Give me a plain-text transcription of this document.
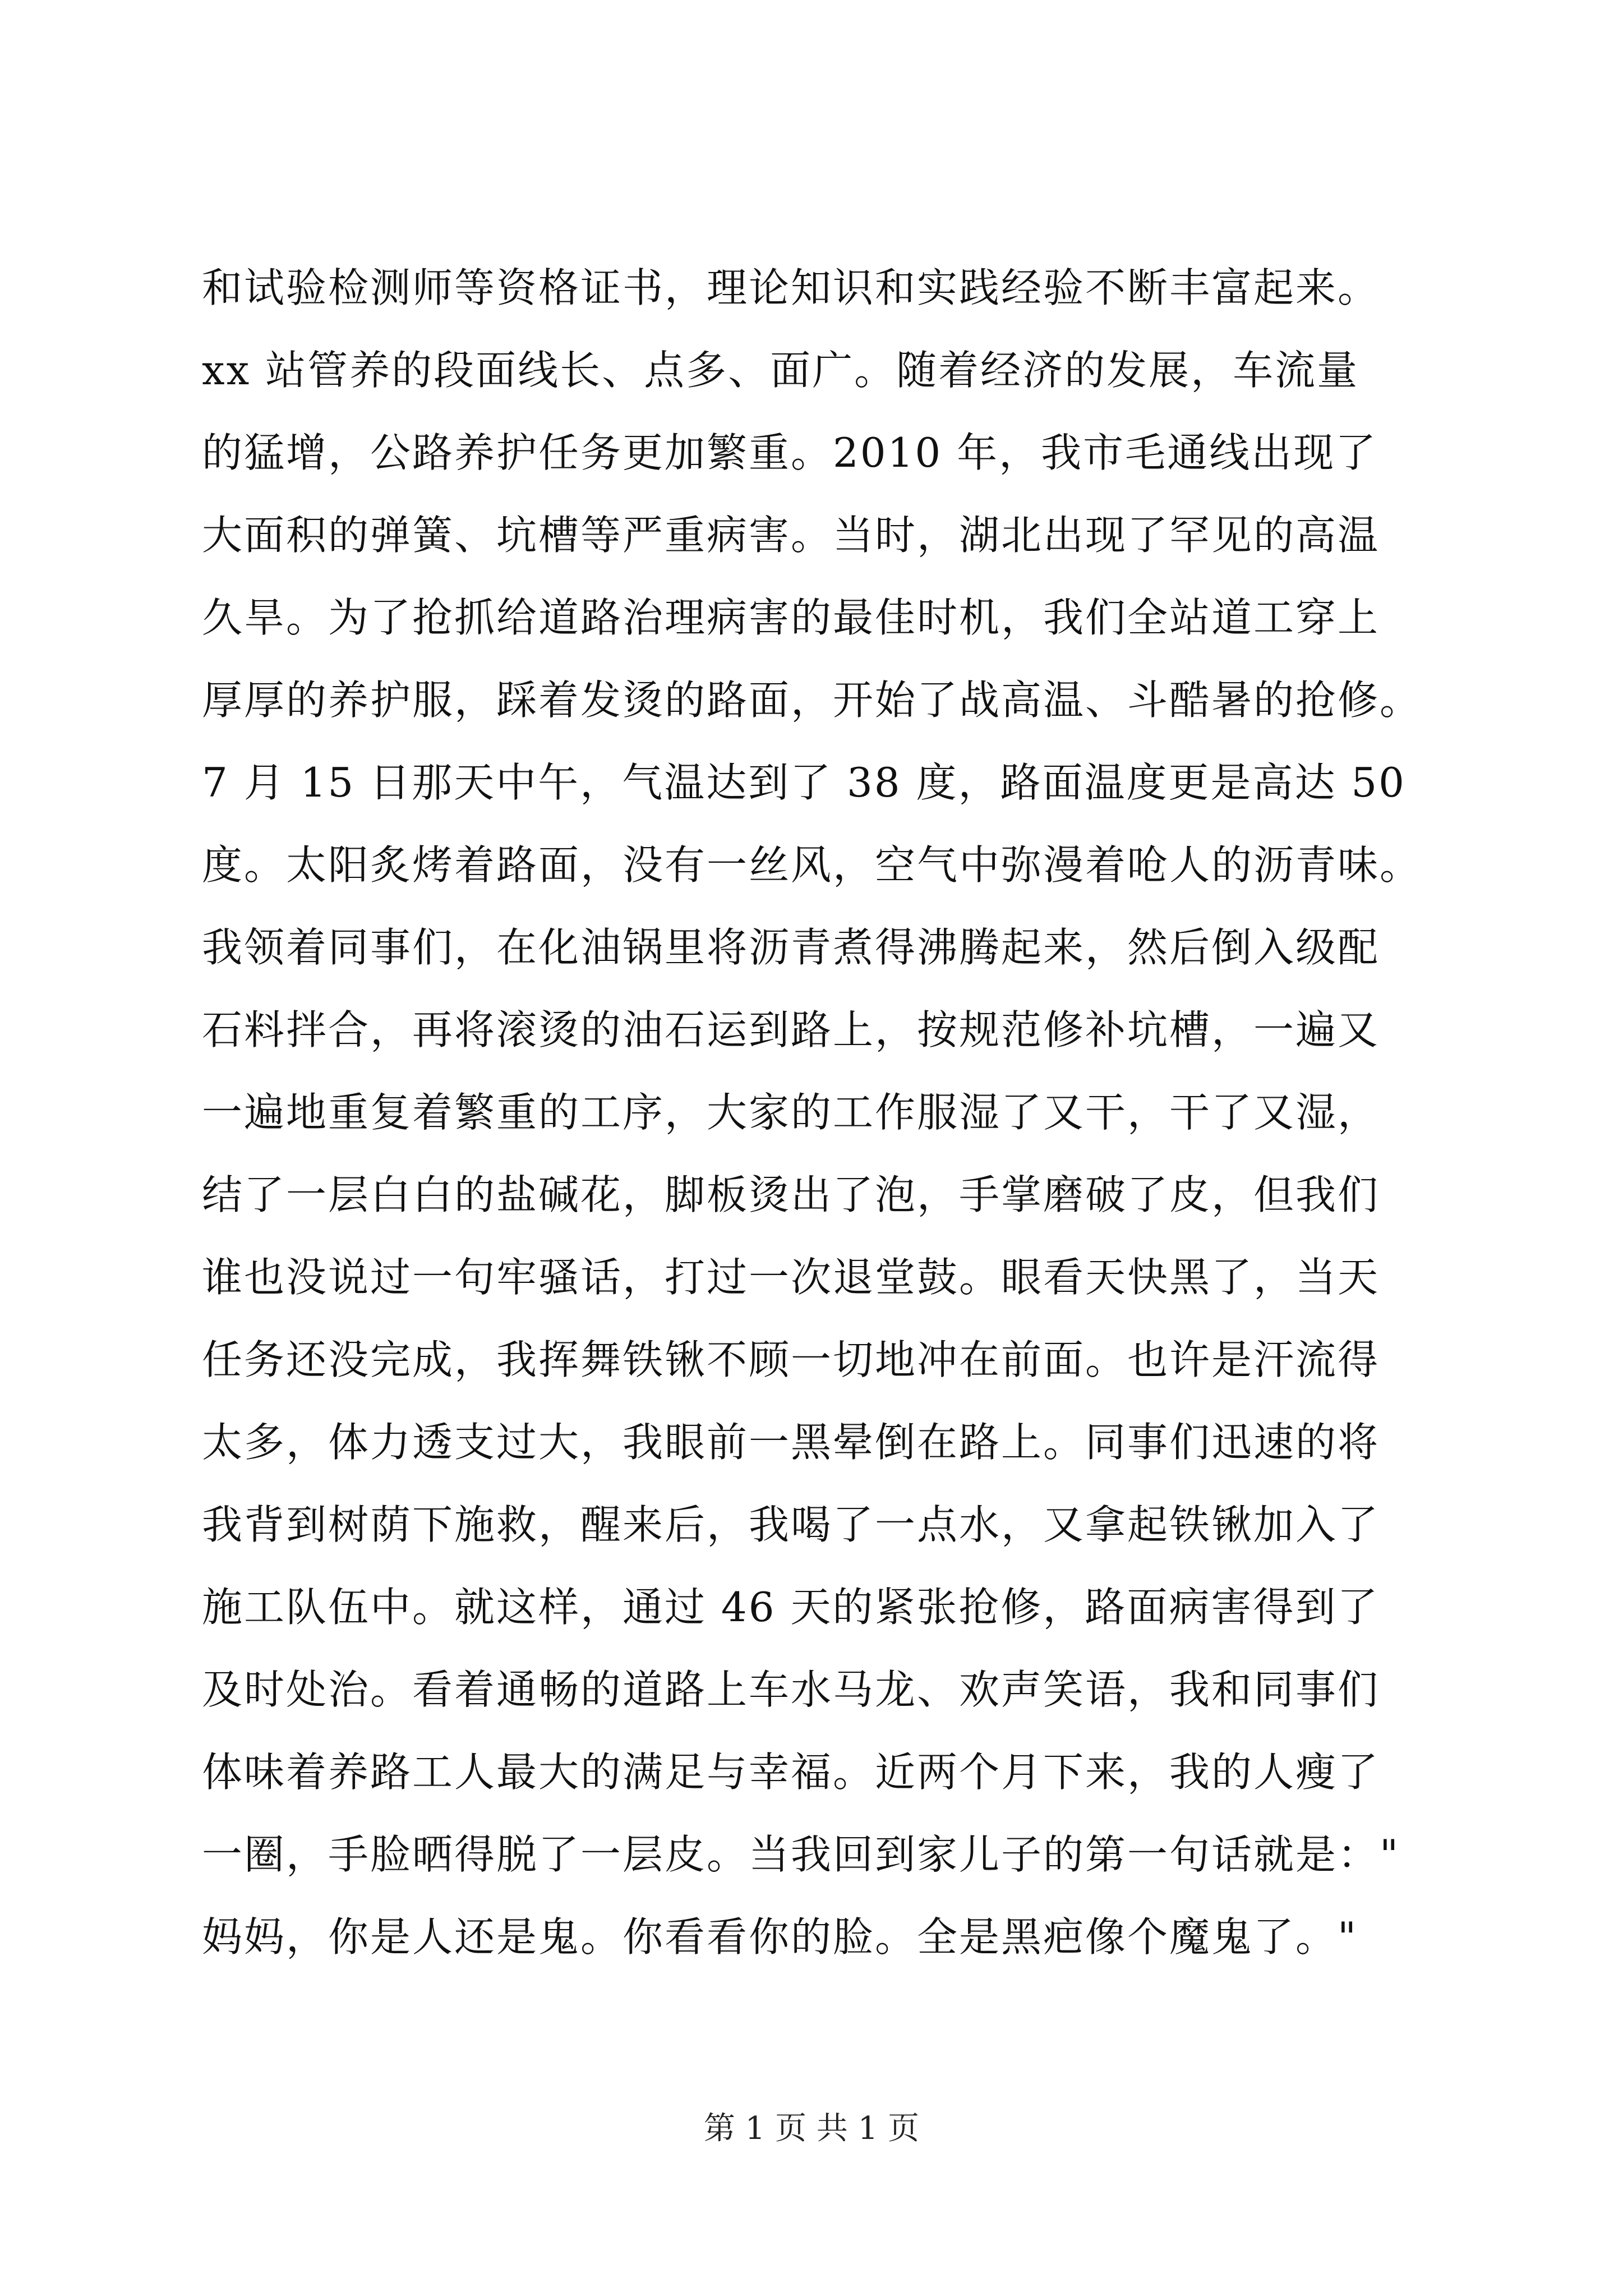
和试验检测师等资格证书，理论知识和实践经验不断丰富起来。
xx 站管养的段面线长、点多、面广。随着经济的发展，车流量
的猛增，公路养护任务更加繁重。2010 年，我市毛通线出现了
大面积的弹簧、坑槽等严重病害。当时，湖北出现了罕见的高温
久旱。为了抢抓给道路治理病害的最佳时机，我们全站道工穿上
厚厚的养护服，踩着发烫的路面，开始了战高温、斗酷暑的抢修。
7 月 15 日那天中午，气温达到了 38 度，路面温度更是高达 50
度。太阳炙烤着路面，没有一丝风，空气中弥漫着呛人的沥青味。
我领着同事们，在化油锅里将沥青煮得沸腾起来，然后倒入级配
石料拌合，再将滚烫的油石运到路上，按规范修补坑槽，一遍又
一遍地重复着繁重的工序，大家的工作服湿了又干，干了又湿，
结了一层白白的盐碱花，脚板烫出了泡，手掌磨破了皮，但我们
谁也没说过一句牢骚话，打过一次退堂鼓。眼看天快黑了，当天
任务还没完成，我挥舞铁锹不顾一切地冲在前面。也许是汗流得
太多，体力透支过大，我眼前一黑晕倒在路上。同事们迅速的将
我背到树荫下施救，醒来后，我喝了一点水，又拿起铁锹加入了
施工队伍中。就这样，通过 46 天的紧张抢修，路面病害得到了
及时处治。看着通畅的道路上车水马龙、欢声笑语，我和同事们
体味着养路工人最大的满足与幸福。近两个月下来，我的人瘦了
一圈，手脸晒得脱了一层皮。当我回到家儿子的第一句话就是："
妈妈，你是人还是鬼。你看看你的脸。全是黑疤像个魔鬼了。"
第 1 页 共 1 页
